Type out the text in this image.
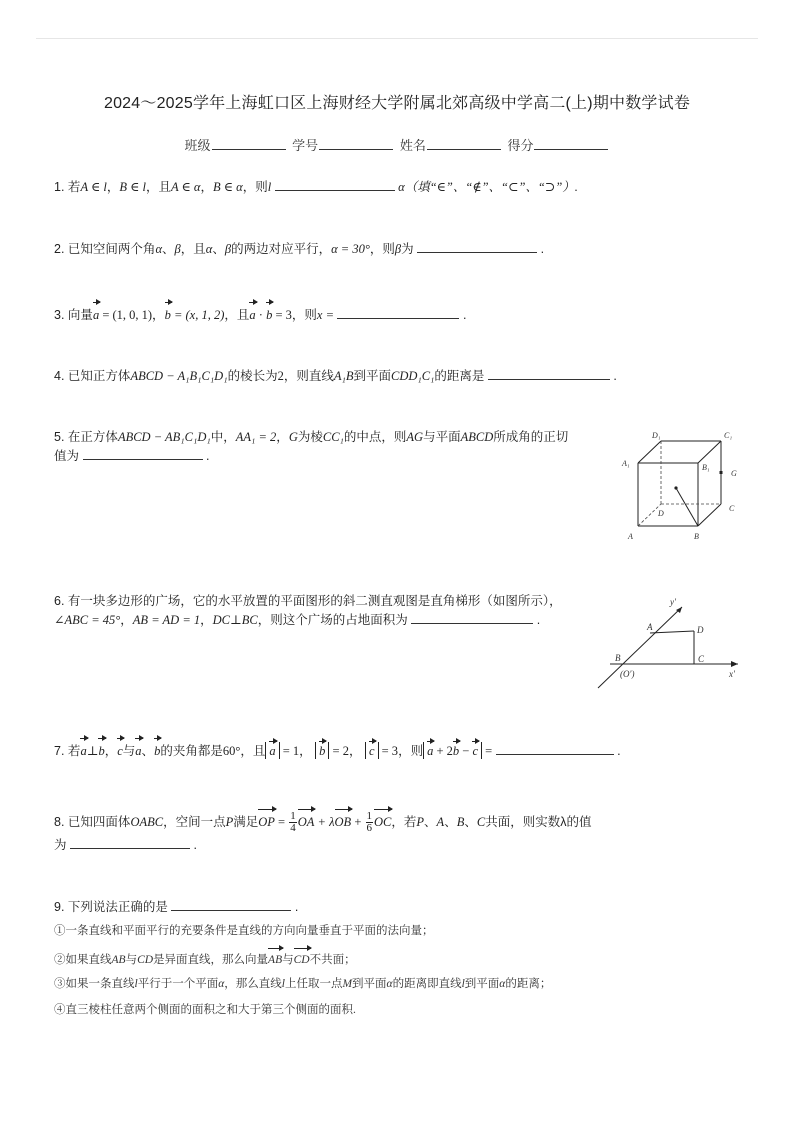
2024～2025学年上海虹口区上海财经大学附属北郊高级中学高二(上)期中数学试卷
班级	学号	姓名	得分
1. 若A ∈ l，B ∈ l，且A ∈ α，B ∈ α，则l	α（填“∈”、“∉”、“⊂”、“⊃”）.
2. 已知空间两个角α、β，且α、β的两边对应平行，α = 30°，则β为	.
3. 向量a = (1, 0, 1)，b = (x, 1, 2)，且a · b = 3，则x =	.
4. 已知正方体ABCD − A₁B₁C₁D₁的棱长为2，则直线A₁B到平面CDD₁C₁的距离是	.
5. 在正方体ABCD − AB₁C₁D₁中，AA₁ = 2，G为棱CC₁的中点，则AG与平面ABCD所成角的正切
值为	.
D₁	C₁
A₁	B₁
G
D
C
A	B
6. 有一块多边形的广场，它的水平放置的平面图形的斜二测直观图是直角梯形（如图所示），
∠ABC = 45°，AB = AD = 1，DC⊥BC，则这个广场的占地面积为	.
y′
A	D
B	C
(O′)	x′
7. 若a⊥b，c与a、b的夹角都是60°，且 a = 1， b = 2， c = 3，则 a + 2b − c =	.
8. 已知四面体OABC，空间一点P满足OP = $\frac{1}{4}$ OA + $\lambda OB + \frac{1}{6}$ OC，若P、A、B、C共面，则实数λ的值
为	.
9. 下列说法正确的是	.
①一条直线和平面平行的充要条件是直线的方向向量垂直于平面的法向量；
②如果直线AB与CD是异面直线，那么向量AB与CD不共面；
③如果一条直线l平行于一个平面α，那么直线l上任取一点M到平面α的距离即直线l到平面α的距离；
④直三棱柱任意两个侧面的面积之和大于第三个侧面的面积.
